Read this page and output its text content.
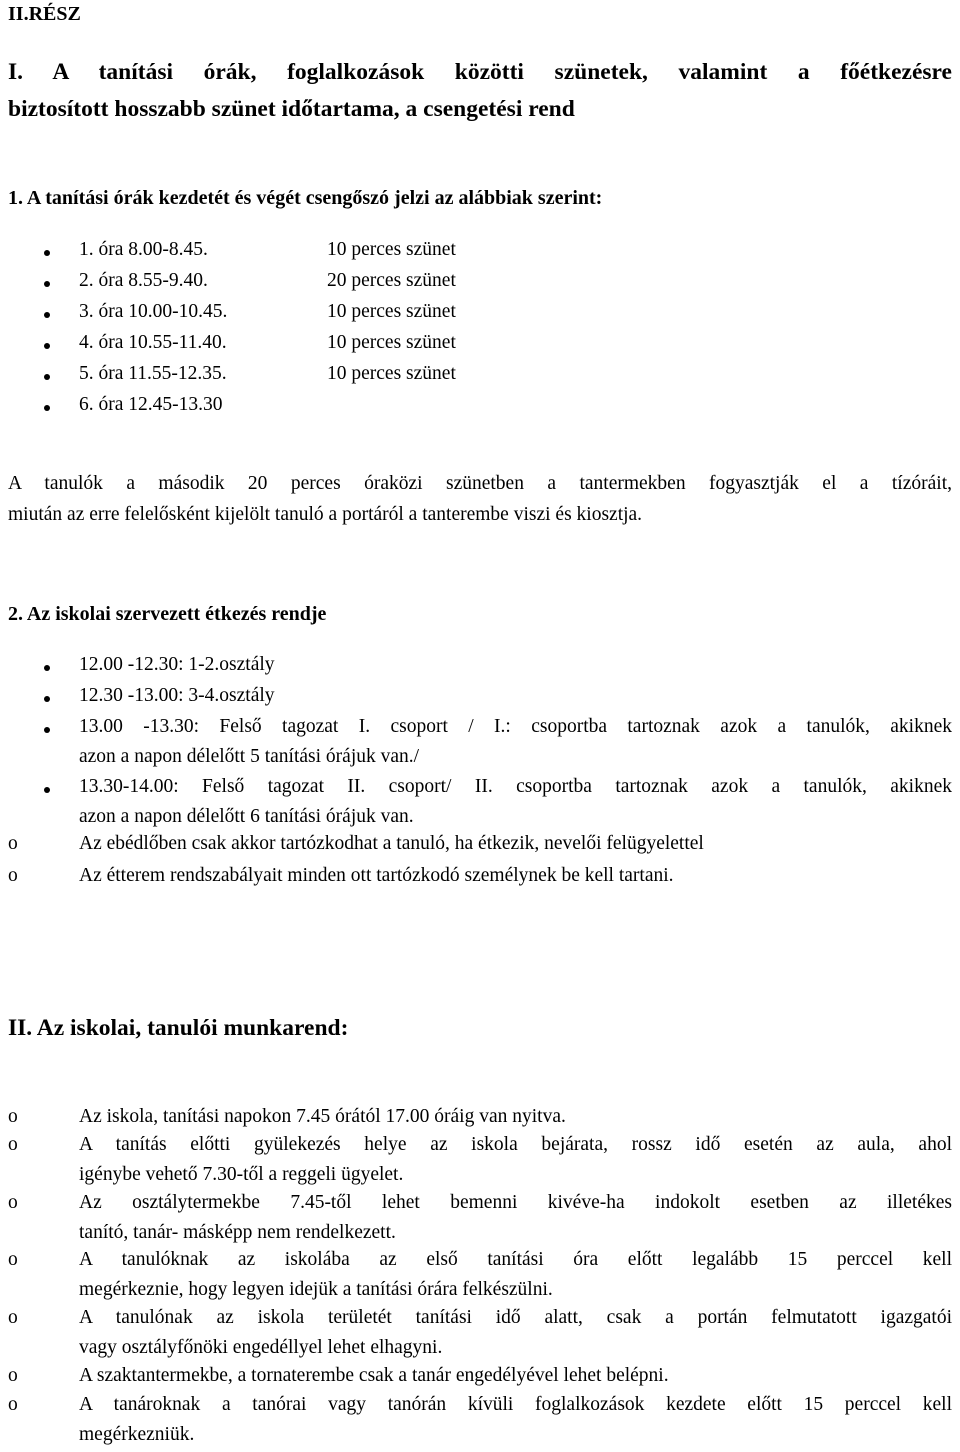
II.RÉSZ
I. A tanítási órák, foglalkozások közötti szünetek, valamint a főétkezésre
biztosított hosszabb szünet időtartama, a csengetési rend
1. A tanítási órák kezdetét és végét csengőszó jelzi az alábbiak szerint:
1. óra 8.00-8.45.	10 perces szünet
2. óra 8.55-9.40.	20 perces szünet
3. óra 10.00-10.45.	10 perces szünet
4. óra 10.55-11.40.	10 perces szünet
5. óra 11.55-12.35.	10 perces szünet
6. óra 12.45-13.30
A tanulók a második 20 perces óraközi szünetben a tantermekben fogyasztják el a tízóráit,
miután az erre felelősként kijelölt tanuló a portáról a tanterembe viszi és kiosztja.
2. Az iskolai szervezett étkezés rendje
12.00 -12.30: 1-2.osztály
12.30 -13.00: 3-4.osztály
13.00 -13.30: Felső tagozat I. csoport / I.: csoportba tartoznak azok a tanulók, akiknek
azon a napon délelőtt 5 tanítási órájuk van./
13.30-14.00: Felső tagozat II. csoport/ II. csoportba tartoznak azok a tanulók, akiknek
azon a napon délelőtt 6 tanítási órájuk van.
o	Az ebédlőben csak akkor tartózkodhat a tanuló, ha étkezik, nevelői felügyelettel
o	Az étterem rendszabályait minden ott tartózkodó személynek be kell tartani.
II. Az iskolai, tanulói munkarend:
o	Az iskola, tanítási napokon 7.45 órától 17.00 óráig van nyitva.
o	A tanítás előtti gyülekezés helye az iskola bejárata, rossz idő esetén az aula, ahol
igénybe vehető 7.30-től a reggeli ügyelet.
o	Az osztálytermekbe 7.45-től lehet bemenni kivéve-ha indokolt esetben az illetékes
tanító, tanár- másképp nem rendelkezett.
o	A tanulóknak az iskolába az első tanítási óra előtt legalább 15 perccel kell
megérkeznie, hogy legyen idejük a tanítási órára felkészülni.
o	A tanulónak az iskola területét tanítási idő alatt, csak a portán felmutatott igazgatói
vagy osztályfőnöki engedéllyel lehet elhagyni.
o	A szaktantermekbe, a tornaterembe csak a tanár engedélyével lehet belépni.
o	A tanároknak a tanórai vagy tanórán kívüli foglalkozások kezdete előtt 15 perccel kell
megérkezniük.
